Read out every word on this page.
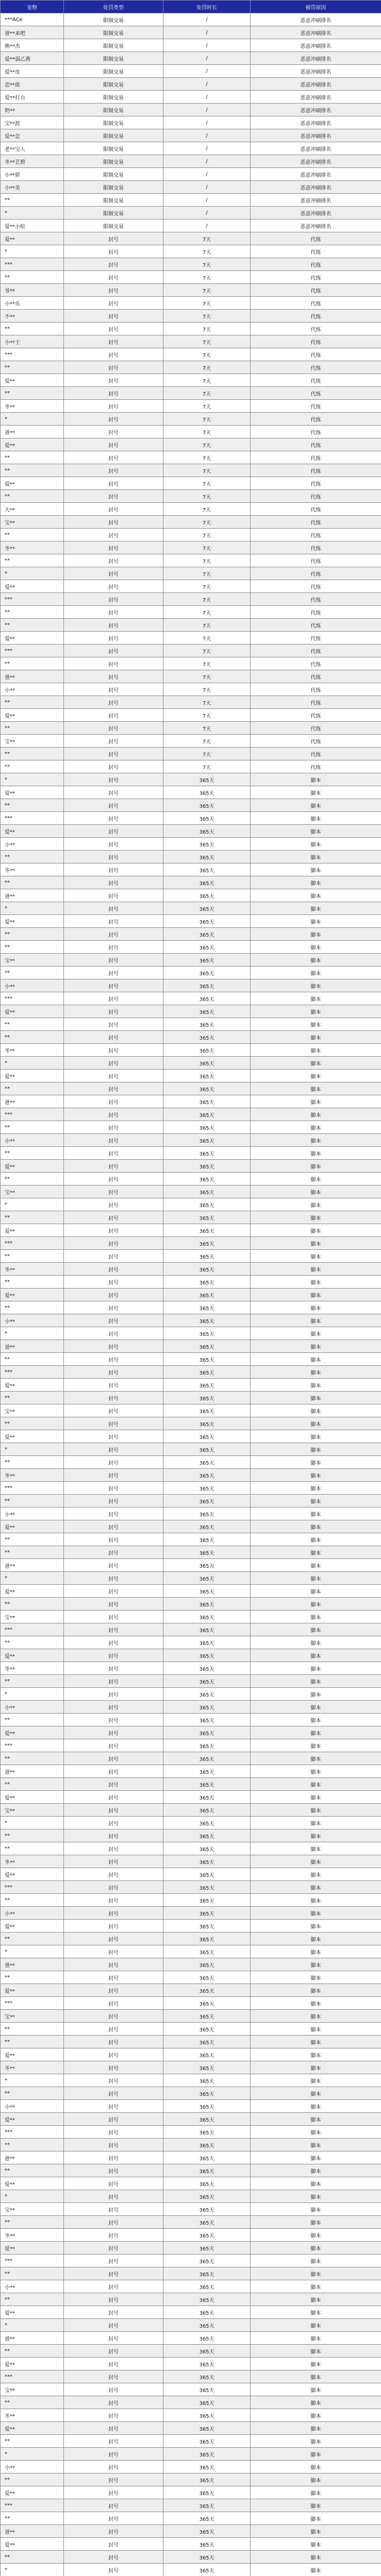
宠物	处罚类型	处罚时长	被罚原因
***ACe	限制交易	/	恶意冲刷排名
爸**来吧	限制交易	/	恶意冲刷排名
熊**杰	限制交易	/	恶意冲刷排名
爱**弱乙燕	限制交易	/	恶意冲刷排名
爱**皮	限制交易	/	恶意冲刷排名
恋**欲	限制交易	/	恶意冲刷排名
爱**打自	限制交易	/	恶意冲刷排名
奶**	限制交易	/	恶意冲刷排名
宝**涯	限制交易	/	恶意冲刷排名
爱**怎	限制交易	/	恶意冲刷排名
老**宝人	限制交易	/	恶意冲刷排名
冬**艺碧	限制交易	/	恶意冲刷排名
小**骄	限制交易	/	恶意冲刷排名
小**美	限制交易	/	恶意冲刷排名
**	限制交易	/	恶意冲刷排名
*	限制交易	/	恶意冲刷排名
爱**小喧	限制交易	/	恶意冲刷排名
爱**	封号	7天	代练
*	封号	7天	代练
***	封号	7天	代练
**	封号	7天	代练
爷**	封号	7天	代练
小**乐	封号	7天	代练
不**	封号	7天	代练
**	封号	7天	代练
小**王	封号	7天	代练
***	封号	7天	代练
**	封号	7天	代练
爱**	封号	7天	代练
**	封号	7天	代练
冬**	封号	7天	代练
*	封号	7天	代练
爸**	封号	7天	代练
爱**	封号	7天	代练
**	封号	7天	代练
**	封号	7天	代练
爱**	封号	7天	代练
**	封号	7天	代练
大**	封号	7天	代练
宝**	封号	7天	代练
**	封号	7天	代练
冬**	封号	7天	代练
**	封号	7天	代练
*	封号	7天	代练
爱**	封号	7天	代练
***	封号	7天	代练
**	封号	7天	代练
**	封号	7天	代练
爱**	封号	7天	代练
***	封号	7天	代练
**	封号	7天	代练
爸**	封号	7天	代练
小**	封号	7天	代练
**	封号	7天	代练
爱**	封号	7天	代练
**	封号	7天	代练
宝**	封号	7天	代练
**	封号	7天	代练
**	封号	7天	代练
*	封号	365天	脚本
爱**	封号	365天	脚本
**	封号	365天	脚本
***	封号	365天	脚本
爱**	封号	365天	脚本
小**	封号	365天	脚本
**	封号	365天	脚本
冬**	封号	365天	脚本
**	封号	365天	脚本
爸**	封号	365天	脚本
*	封号	365天	脚本
爱**	封号	365天	脚本
**	封号	365天	脚本
**	封号	365天	脚本
宝**	封号	365天	脚本
**	封号	365天	脚本
小**	封号	365天	脚本
***	封号	365天	脚本
爱**	封号	365天	脚本
**	封号	365天	脚本
**	封号	365天	脚本
冬**	封号	365天	脚本
*	封号	365天	脚本
爱**	封号	365天	脚本
**	封号	365天	脚本
爸**	封号	365天	脚本
***	封号	365天	脚本
**	封号	365天	脚本
小**	封号	365天	脚本
**	封号	365天	脚本
爱**	封号	365天	脚本
**	封号	365天	脚本
宝**	封号	365天	脚本
*	封号	365天	脚本
**	封号	365天	脚本
爱**	封号	365天	脚本
***	封号	365天	脚本
**	封号	365天	脚本
冬**	封号	365天	脚本
**	封号	365天	脚本
爱**	封号	365天	脚本
**	封号	365天	脚本
小**	封号	365天	脚本
*	封号	365天	脚本
爸**	封号	365天	脚本
**	封号	365天	脚本
***	封号	365天	脚本
爱**	封号	365天	脚本
**	封号	365天	脚本
宝**	封号	365天	脚本
**	封号	365天	脚本
爱**	封号	365天	脚本
*	封号	365天	脚本
**	封号	365天	脚本
冬**	封号	365天	脚本
***	封号	365天	脚本
**	封号	365天	脚本
小**	封号	365天	脚本
爱**	封号	365天	脚本
**	封号	365天	脚本
**	封号	365天	脚本
爸**	封号	365天	脚本
*	封号	365天	脚本
爱**	封号	365天	脚本
**	封号	365天	脚本
宝**	封号	365天	脚本
***	封号	365天	脚本
**	封号	365天	脚本
爱**	封号	365天	脚本
冬**	封号	365天	脚本
**	封号	365天	脚本
*	封号	365天	脚本
小**	封号	365天	脚本
**	封号	365天	脚本
爱**	封号	365天	脚本
***	封号	365天	脚本
**	封号	365天	脚本
爸**	封号	365天	脚本
**	封号	365天	脚本
爱**	封号	365天	脚本
宝**	封号	365天	脚本
*	封号	365天	脚本
**	封号	365天	脚本
**	封号	365天	脚本
冬**	封号	365天	脚本
爱**	封号	365天	脚本
***	封号	365天	脚本
**	封号	365天	脚本
小**	封号	365天	脚本
爱**	封号	365天	脚本
**	封号	365天	脚本
*	封号	365天	脚本
爸**	封号	365天	脚本
**	封号	365天	脚本
爱**	封号	365天	脚本
***	封号	365天	脚本
宝**	封号	365天	脚本
**	封号	365天	脚本
**	封号	365天	脚本
爱**	封号	365天	脚本
冬**	封号	365天	脚本
*	封号	365天	脚本
**	封号	365天	脚本
小**	封号	365天	脚本
爱**	封号	365天	脚本
***	封号	365天	脚本
**	封号	365天	脚本
爸**	封号	365天	脚本
**	封号	365天	脚本
爱**	封号	365天	脚本
*	封号	365天	脚本
宝**	封号	365天	脚本
**	封号	365天	脚本
冬**	封号	365天	脚本
爱**	封号	365天	脚本
***	封号	365天	脚本
**	封号	365天	脚本
小**	封号	365天	脚本
**	封号	365天	脚本
爱**	封号	365天	脚本
*	封号	365天	脚本
爸**	封号	365天	脚本
**	封号	365天	脚本
爱**	封号	365天	脚本
***	封号	365天	脚本
宝**	封号	365天	脚本
**	封号	365天	脚本
冬**	封号	365天	脚本
爱**	封号	365天	脚本
**	封号	365天	脚本
*	封号	365天	脚本
小**	封号	365天	脚本
**	封号	365天	脚本
爱**	封号	365天	脚本
***	封号	365天	脚本
**	封号	365天	脚本
爸**	封号	365天	脚本
爱**	封号	365天	脚本
**	封号	365天	脚本
*	封号	365天	脚本
